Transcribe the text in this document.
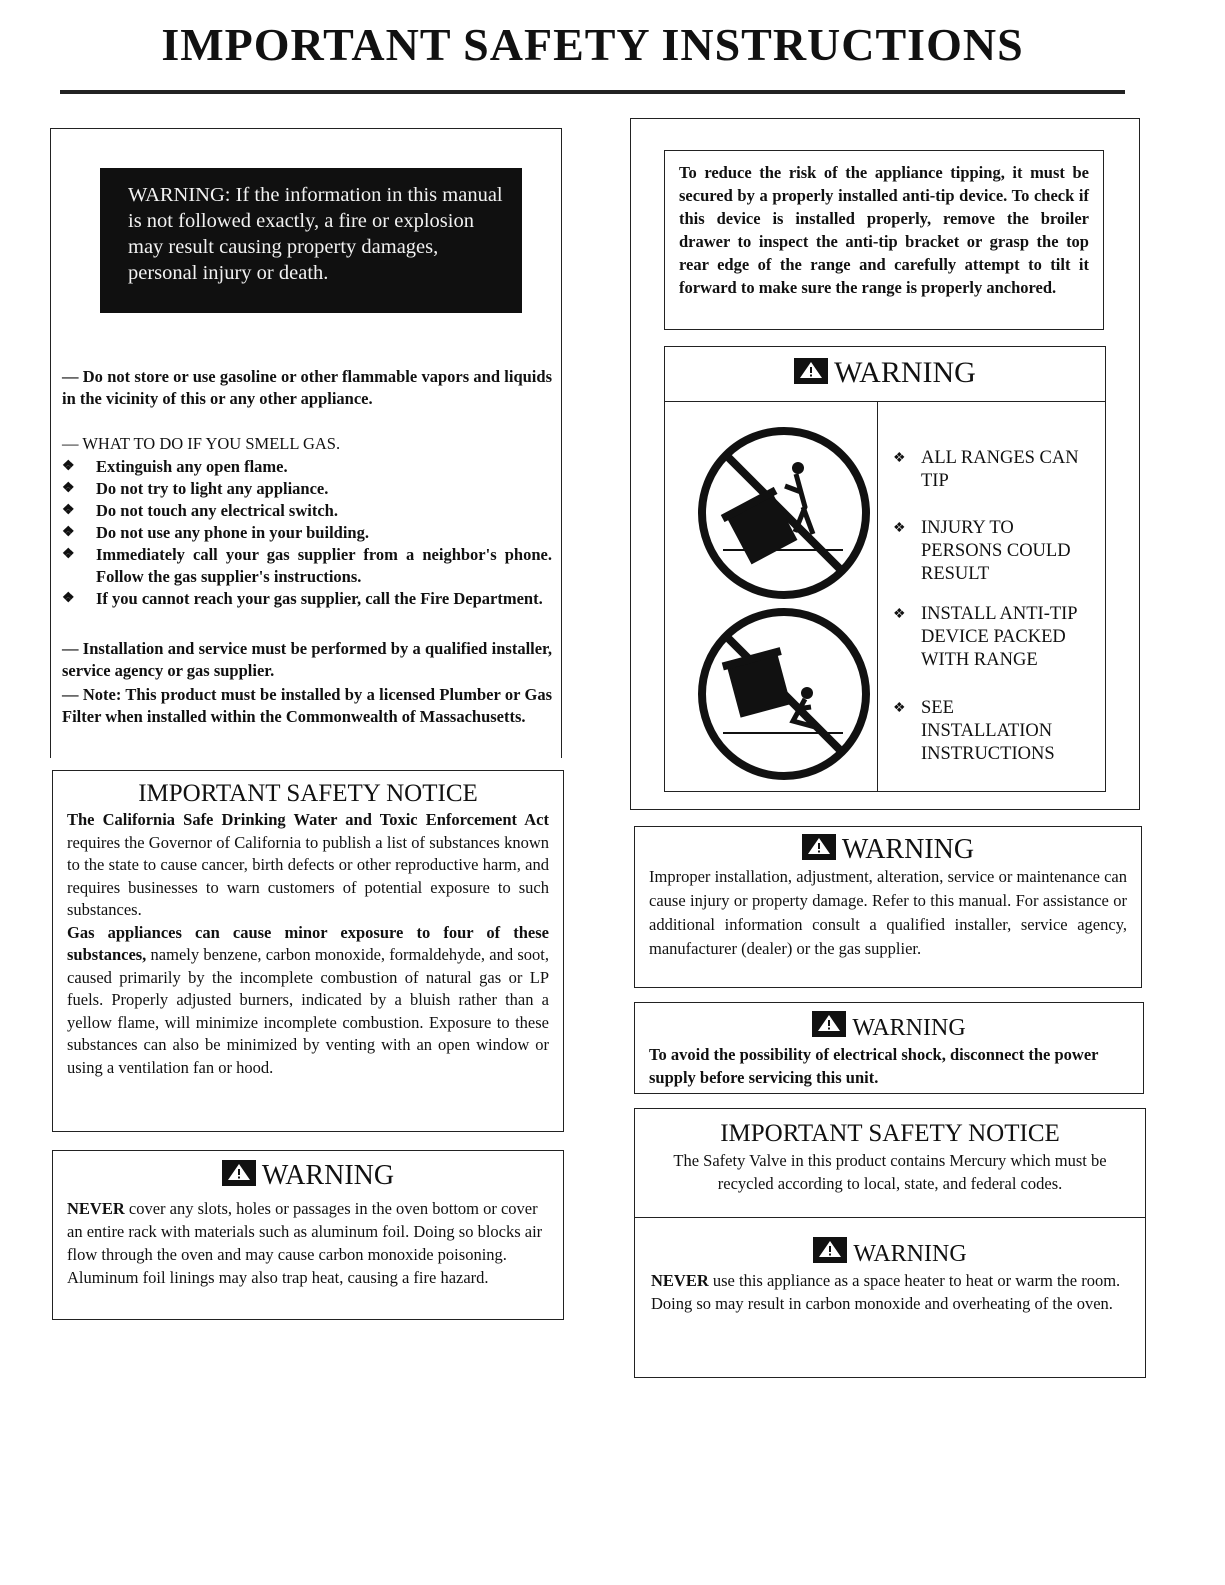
IMPORTANT SAFETY INSTRUCTIONS
WARNING: If the information in this manual is not followed exactly, a fire or explosion may result causing property damages, personal injury or death.
— Do not store or use gasoline or other flammable vapors and liquids in the vicinity of this or any other appliance.
— WHAT TO DO IF YOU SMELL GAS.
❖ Extinguish any open flame.
❖ Do not try to light any appliance.
❖ Do not touch any electrical switch.
❖ Do not use any phone in your building.
❖ Immediately call your gas supplier from a neighbor's phone. Follow the gas supplier's instructions.
❖ If you cannot reach your gas supplier, call the Fire Department.
— Installation and service must be performed by a qualified installer, service agency or gas supplier.
— Note: This product must be installed by a licensed Plumber or Gas Filter when installed within the Commonwealth of Massachusetts.
IMPORTANT SAFETY NOTICE
The California Safe Drinking Water and Toxic Enforcement Act requires the Governor of California to publish a list of substances known to the state to cause cancer, birth defects or other reproductive harm, and requires businesses to warn customers of potential exposure to such substances.
Gas appliances can cause minor exposure to four of these substances, namely benzene, carbon monoxide, formaldehyde, and soot, caused primarily by the incomplete combustion of natural gas or LP fuels. Properly adjusted burners, indicated by a bluish rather than a yellow flame, will minimize incomplete combustion. Exposure to these substances can also be minimized by venting with an open window or using a ventilation fan or hood.
WARNING
NEVER cover any slots, holes or passages in the oven bottom or cover an entire rack with materials such as aluminum foil. Doing so blocks air flow through the oven and may cause carbon monoxide poisoning. Aluminum foil linings may also trap heat, causing a fire hazard.
To reduce the risk of the appliance tipping, it must be secured by a properly installed anti-tip device. To check if this device is installed properly, remove the broiler drawer to inspect the anti-tip bracket or grasp the top rear edge of the range and carefully attempt to tilt it forward to make sure the range is properly anchored.
WARNING
❖ ALL RANGES CAN
TIP
❖ INJURY TO
PERSONS COULD
RESULT
❖ INSTALL ANTI-TIP
DEVICE PACKED
WITH RANGE
❖ SEE
INSTALLATION
INSTRUCTIONS
WARNING
Improper installation, adjustment, alteration, service or maintenance can cause injury or property damage. Refer to this manual. For assistance or additional information consult a qualified installer, service agency, manufacturer (dealer) or the gas supplier.
WARNING
To avoid the possibility of electrical shock, disconnect the power supply before servicing this unit.
IMPORTANT SAFETY NOTICE
The Safety Valve in this product contains Mercury which must be recycled according to local, state, and federal codes.
WARNING
NEVER use this appliance as a space heater to heat or warm the room. Doing so may result in carbon monoxide and overheating of the oven.
